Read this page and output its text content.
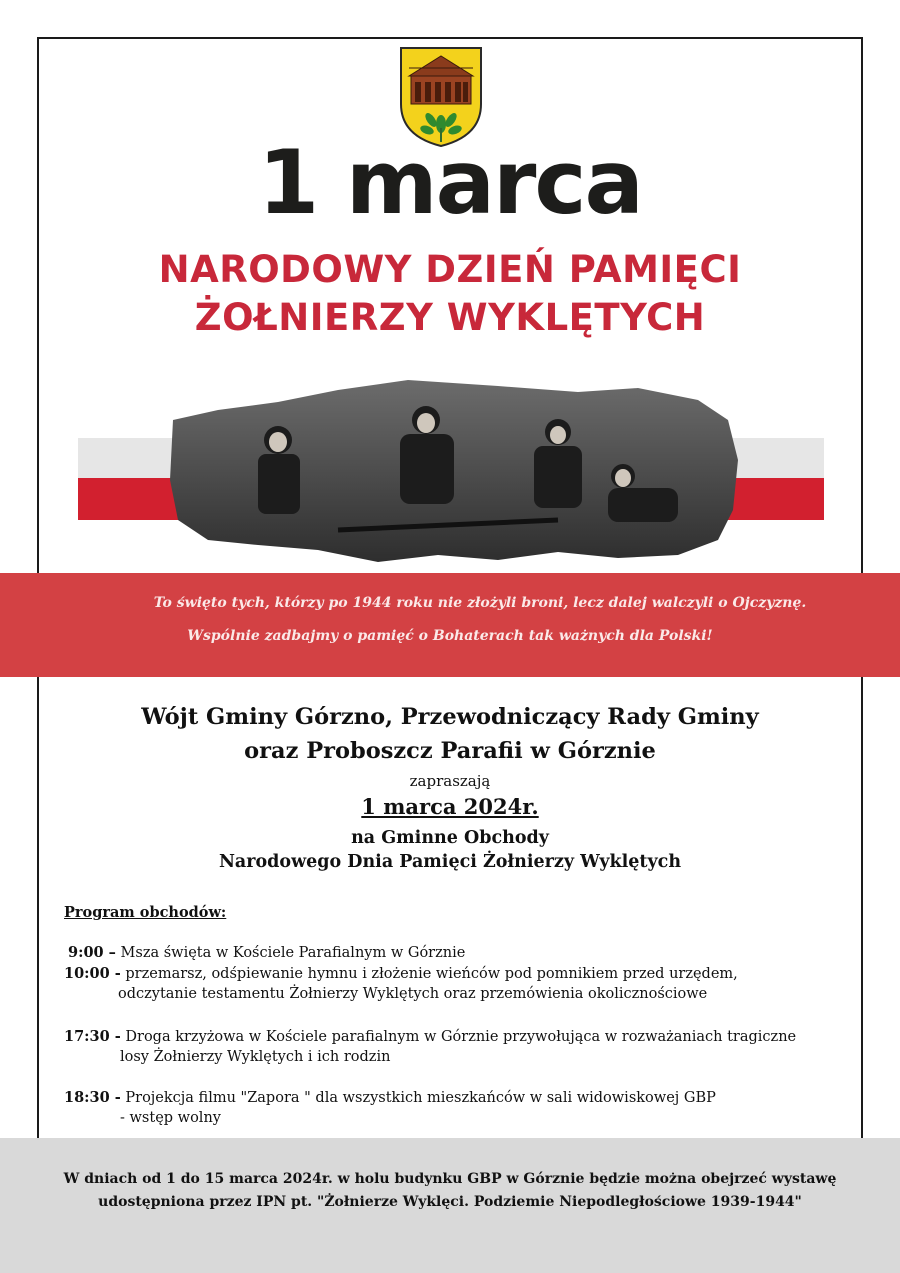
1 marca
NARODOWY DZIEŃ PAMIĘCI
ŻOŁNIERZY WYKLĘTYCH

To święto tych, którzy po 1944 roku nie złożyli broni, lecz dalej walczyli o Ojczyznę.

Wspólnie zadbajmy o pamięć o Bohaterach tak ważnych dla Polski!

Wójt Gminy Górzno, Przewodniczący Rady Gminy
oraz Proboszcz Parafii w Górznie
zapraszają
1 marca 2024r.
na Gminne Obchody
Narodowego Dnia Pamięci Żołnierzy Wyklętych
Program obchodów:
9:00 – Msza święta w Kościele Parafialnym w Górznie
10:00 - przemarsz, odśpiewanie hymnu i złożenie wieńców pod pomnikiem przed urzędem,
odczytanie testamentu Żołnierzy Wyklętych oraz przemówienia okolicznościowe
17:30 - Droga krzyżowa w Kościele parafialnym w Górznie przywołująca w rozważaniach tragiczne
losy Żołnierzy Wyklętych i ich rodzin
18:30 - Projekcja filmu "Zapora " dla wszystkich mieszkańców w sali widowiskowej GBP
- wstęp wolny

W dniach od 1 do 15 marca 2024r. w holu budynku GBP w Górznie będzie można obejrzeć wystawę

udostępniona przez IPN pt. "Żołnierze Wyklęci. Podziemie Niepodległościowe 1939-1944"
